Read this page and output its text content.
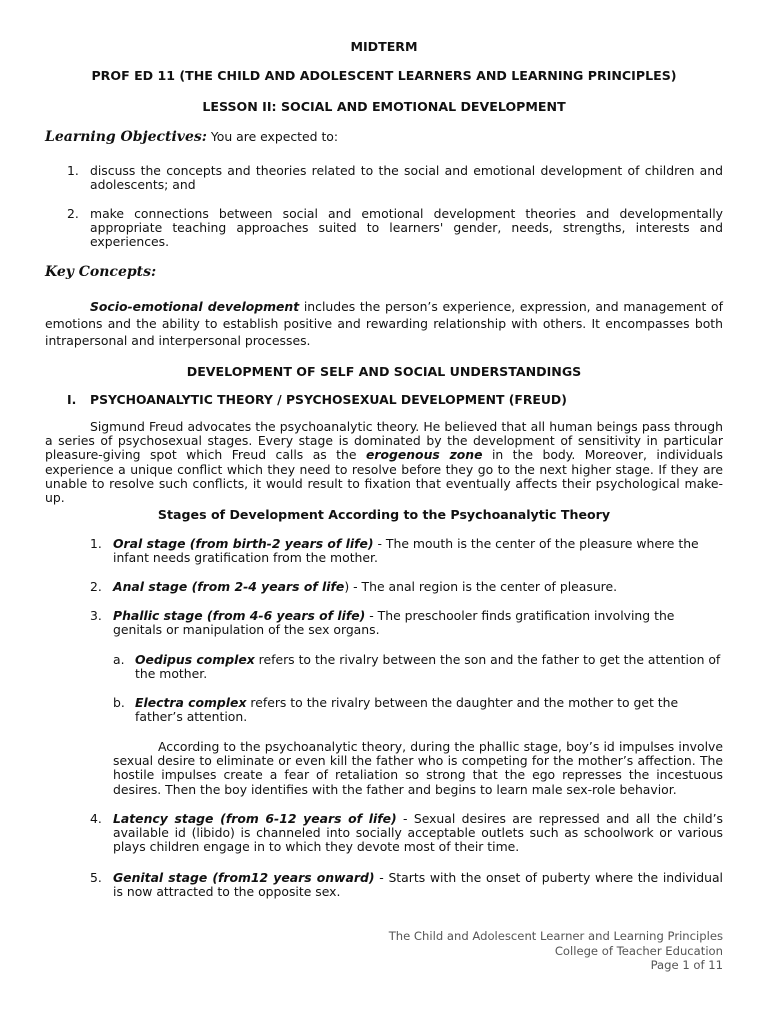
MIDTERM
PROF ED 11 (THE CHILD AND ADOLESCENT LEARNERS AND LEARNING PRINCIPLES)
LESSON II: SOCIAL AND EMOTIONAL DEVELOPMENT
Learning Objectives: You are expected to:
1. discuss the concepts and theories related to the social and emotional development of children and adolescents; and
2. make connections between social and emotional development theories and developmentally appropriate teaching approaches suited to learners' gender, needs, strengths, interests and experiences.
Key Concepts:
Socio-emotional development includes the person’s experience, expression, and management of emotions and the ability to establish positive and rewarding relationship with others. It encompasses both intrapersonal and interpersonal processes.
DEVELOPMENT OF SELF AND SOCIAL UNDERSTANDINGS
I. PSYCHOANALYTIC THEORY / PSYCHOSEXUAL DEVELOPMENT (FREUD)
Sigmund Freud advocates the psychoanalytic theory. He believed that all human beings pass through a series of psychosexual stages. Every stage is dominated by the development of sensitivity in particular pleasure-giving spot which Freud calls as the erogenous zone in the body. Moreover, individuals experience a unique conflict which they need to resolve before they go to the next higher stage. If they are unable to resolve such conflicts, it would result to fixation that eventually affects their psychological make-up.
Stages of Development According to the Psychoanalytic Theory
1. Oral stage (from birth-2 years of life) - The mouth is the center of the pleasure where the infant needs gratification from the mother.
2. Anal stage (from 2-4 years of life) - The anal region is the center of pleasure.
3. Phallic stage (from 4-6 years of life) - The preschooler finds gratification involving the genitals or manipulation of the sex organs.
a. Oedipus complex refers to the rivalry between the son and the father to get the attention of the mother.
b. Electra complex refers to the rivalry between the daughter and the mother to get the father’s attention.
According to the psychoanalytic theory, during the phallic stage, boy’s id impulses involve sexual desire to eliminate or even kill the father who is competing for the mother’s affection. The hostile impulses create a fear of retaliation so strong that the ego represses the incestuous desires. Then the boy identifies with the father and begins to learn male sex-role behavior.
4. Latency stage (from 6-12 years of life) - Sexual desires are repressed and all the child’s available id (libido) is channeled into socially acceptable outlets such as schoolwork or various plays children engage in to which they devote most of their time.
5. Genital stage (from12 years onward) - Starts with the onset of puberty where the individual is now attracted to the opposite sex.
The Child and Adolescent Learner and Learning Principles
College of Teacher Education
Page 1 of 11
